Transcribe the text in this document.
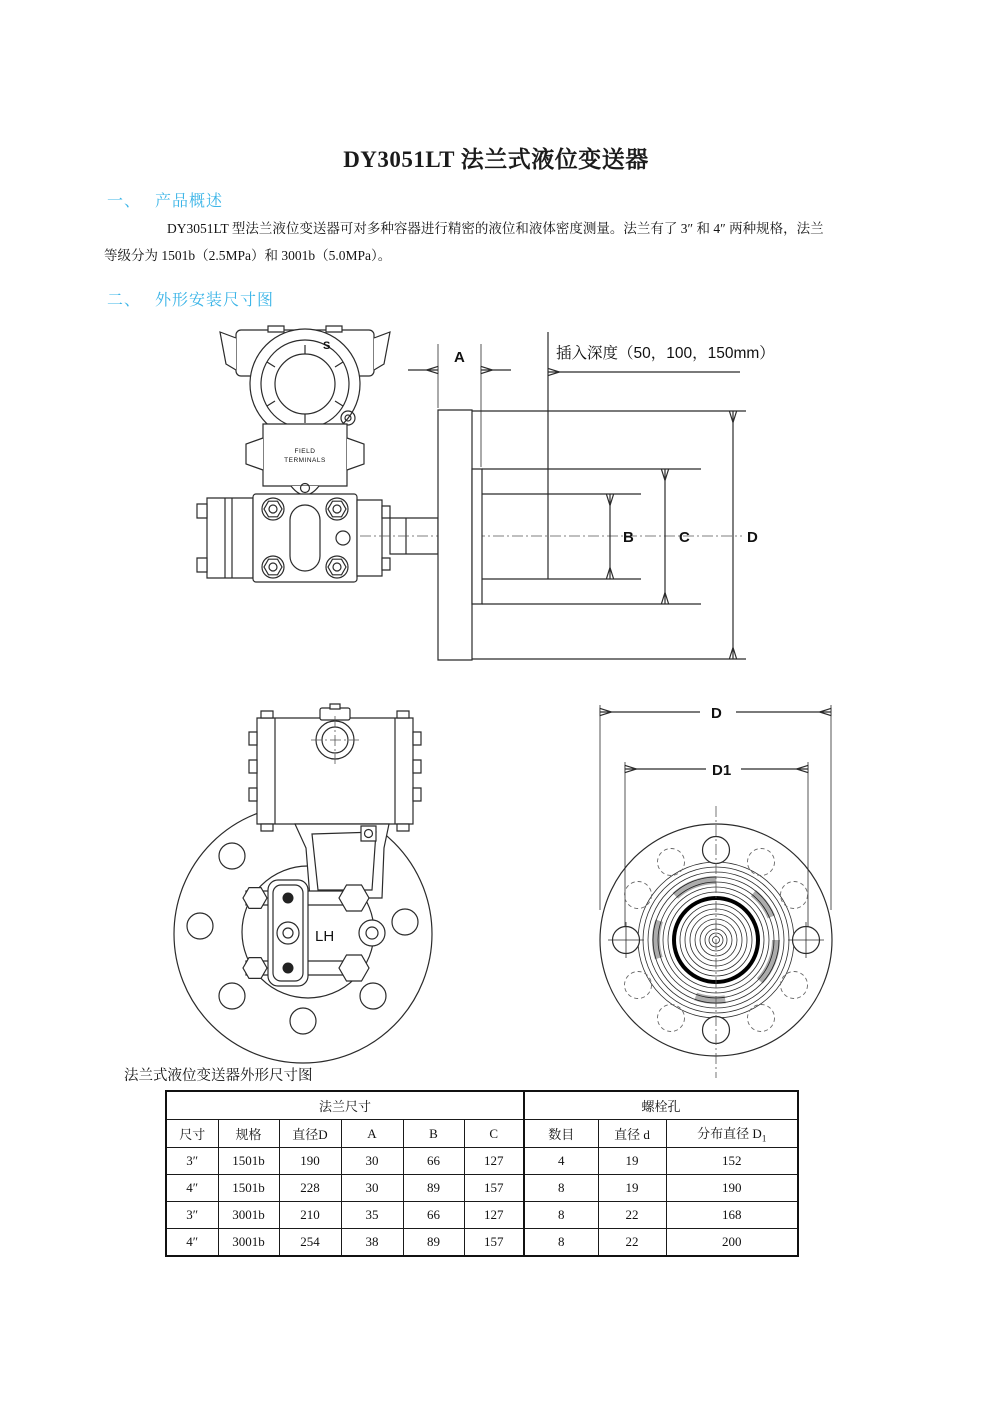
DY3051LT 法兰式液位变送器
一、 产品概述
DY3051LT 型法兰液位变送器可对多种容器进行精密的液位和液体密度测量。法兰有了 3″ 和 4″ 两种规格，法兰
等级分为 1501b（2.5MPa）和 3001b（5.0MPa）。
二、 外形安装尺寸图
S
FIELD
TERMINALS
A	插入深度（50，100，150mm）
B	C	D
LH
D
D1
法兰式液位变送器外形尺寸图
法兰尺寸						螺栓孔		
尺寸	规格	直径D	A	B	C	数目	直径 d	分布直径 $D_1$
3″	1501b	190	30	66	127	4	19	152
4″	1501b	228	30	89	157	8	19	190
3″	3001b	210	35	66	127	8	22	168
4″	3001b	254	38	89	157	8	22	200
